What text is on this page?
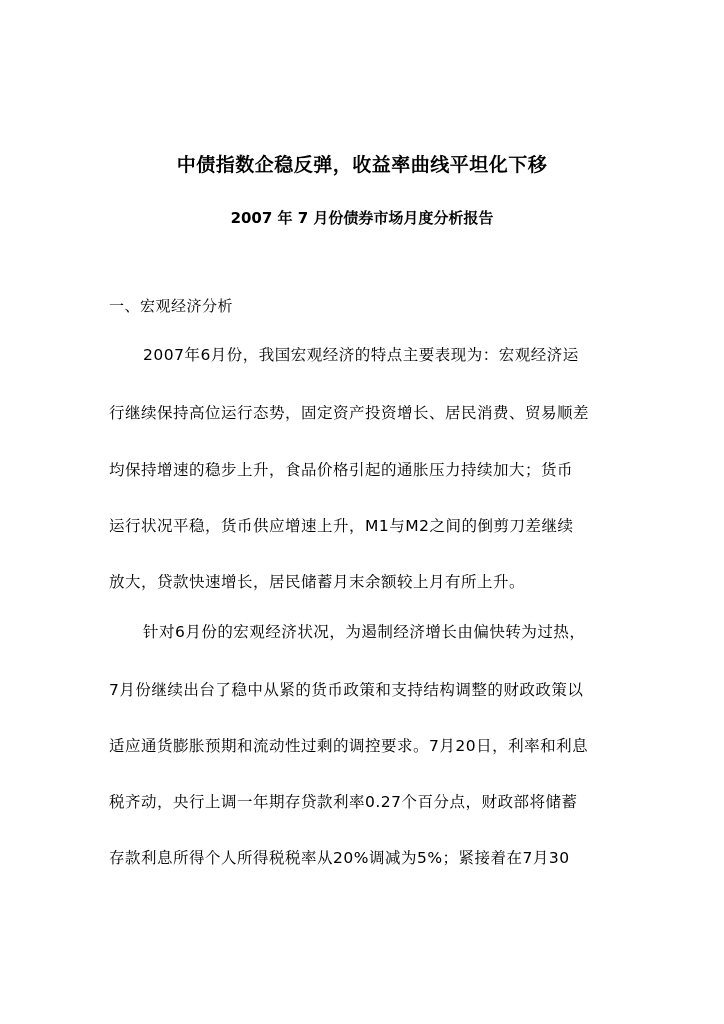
中债指数企稳反弹，收益率曲线平坦化下移
2007 年 7 月份债券市场月度分析报告
一、宏观经济分析
2007年6月份，我国宏观经济的特点主要表现为：宏观经济运
行继续保持高位运行态势，固定资产投资增长、居民消费、贸易顺差
均保持增速的稳步上升，食品价格引起的通胀压力持续加大；货币
运行状况平稳，货币供应增速上升，M1与M2之间的倒剪刀差继续
放大，贷款快速增长，居民储蓄月末余额较上月有所上升。
针对6月份的宏观经济状况，为遏制经济增长由偏快转为过热，
7月份继续出台了稳中从紧的货币政策和支持结构调整的财政政策以
适应通货膨胀预期和流动性过剩的调控要求。7月20日，利率和利息
税齐动，央行上调一年期存贷款利率0.27个百分点，财政部将储蓄
存款利息所得个人所得税税率从20%调减为5%；紧接着在7月30
